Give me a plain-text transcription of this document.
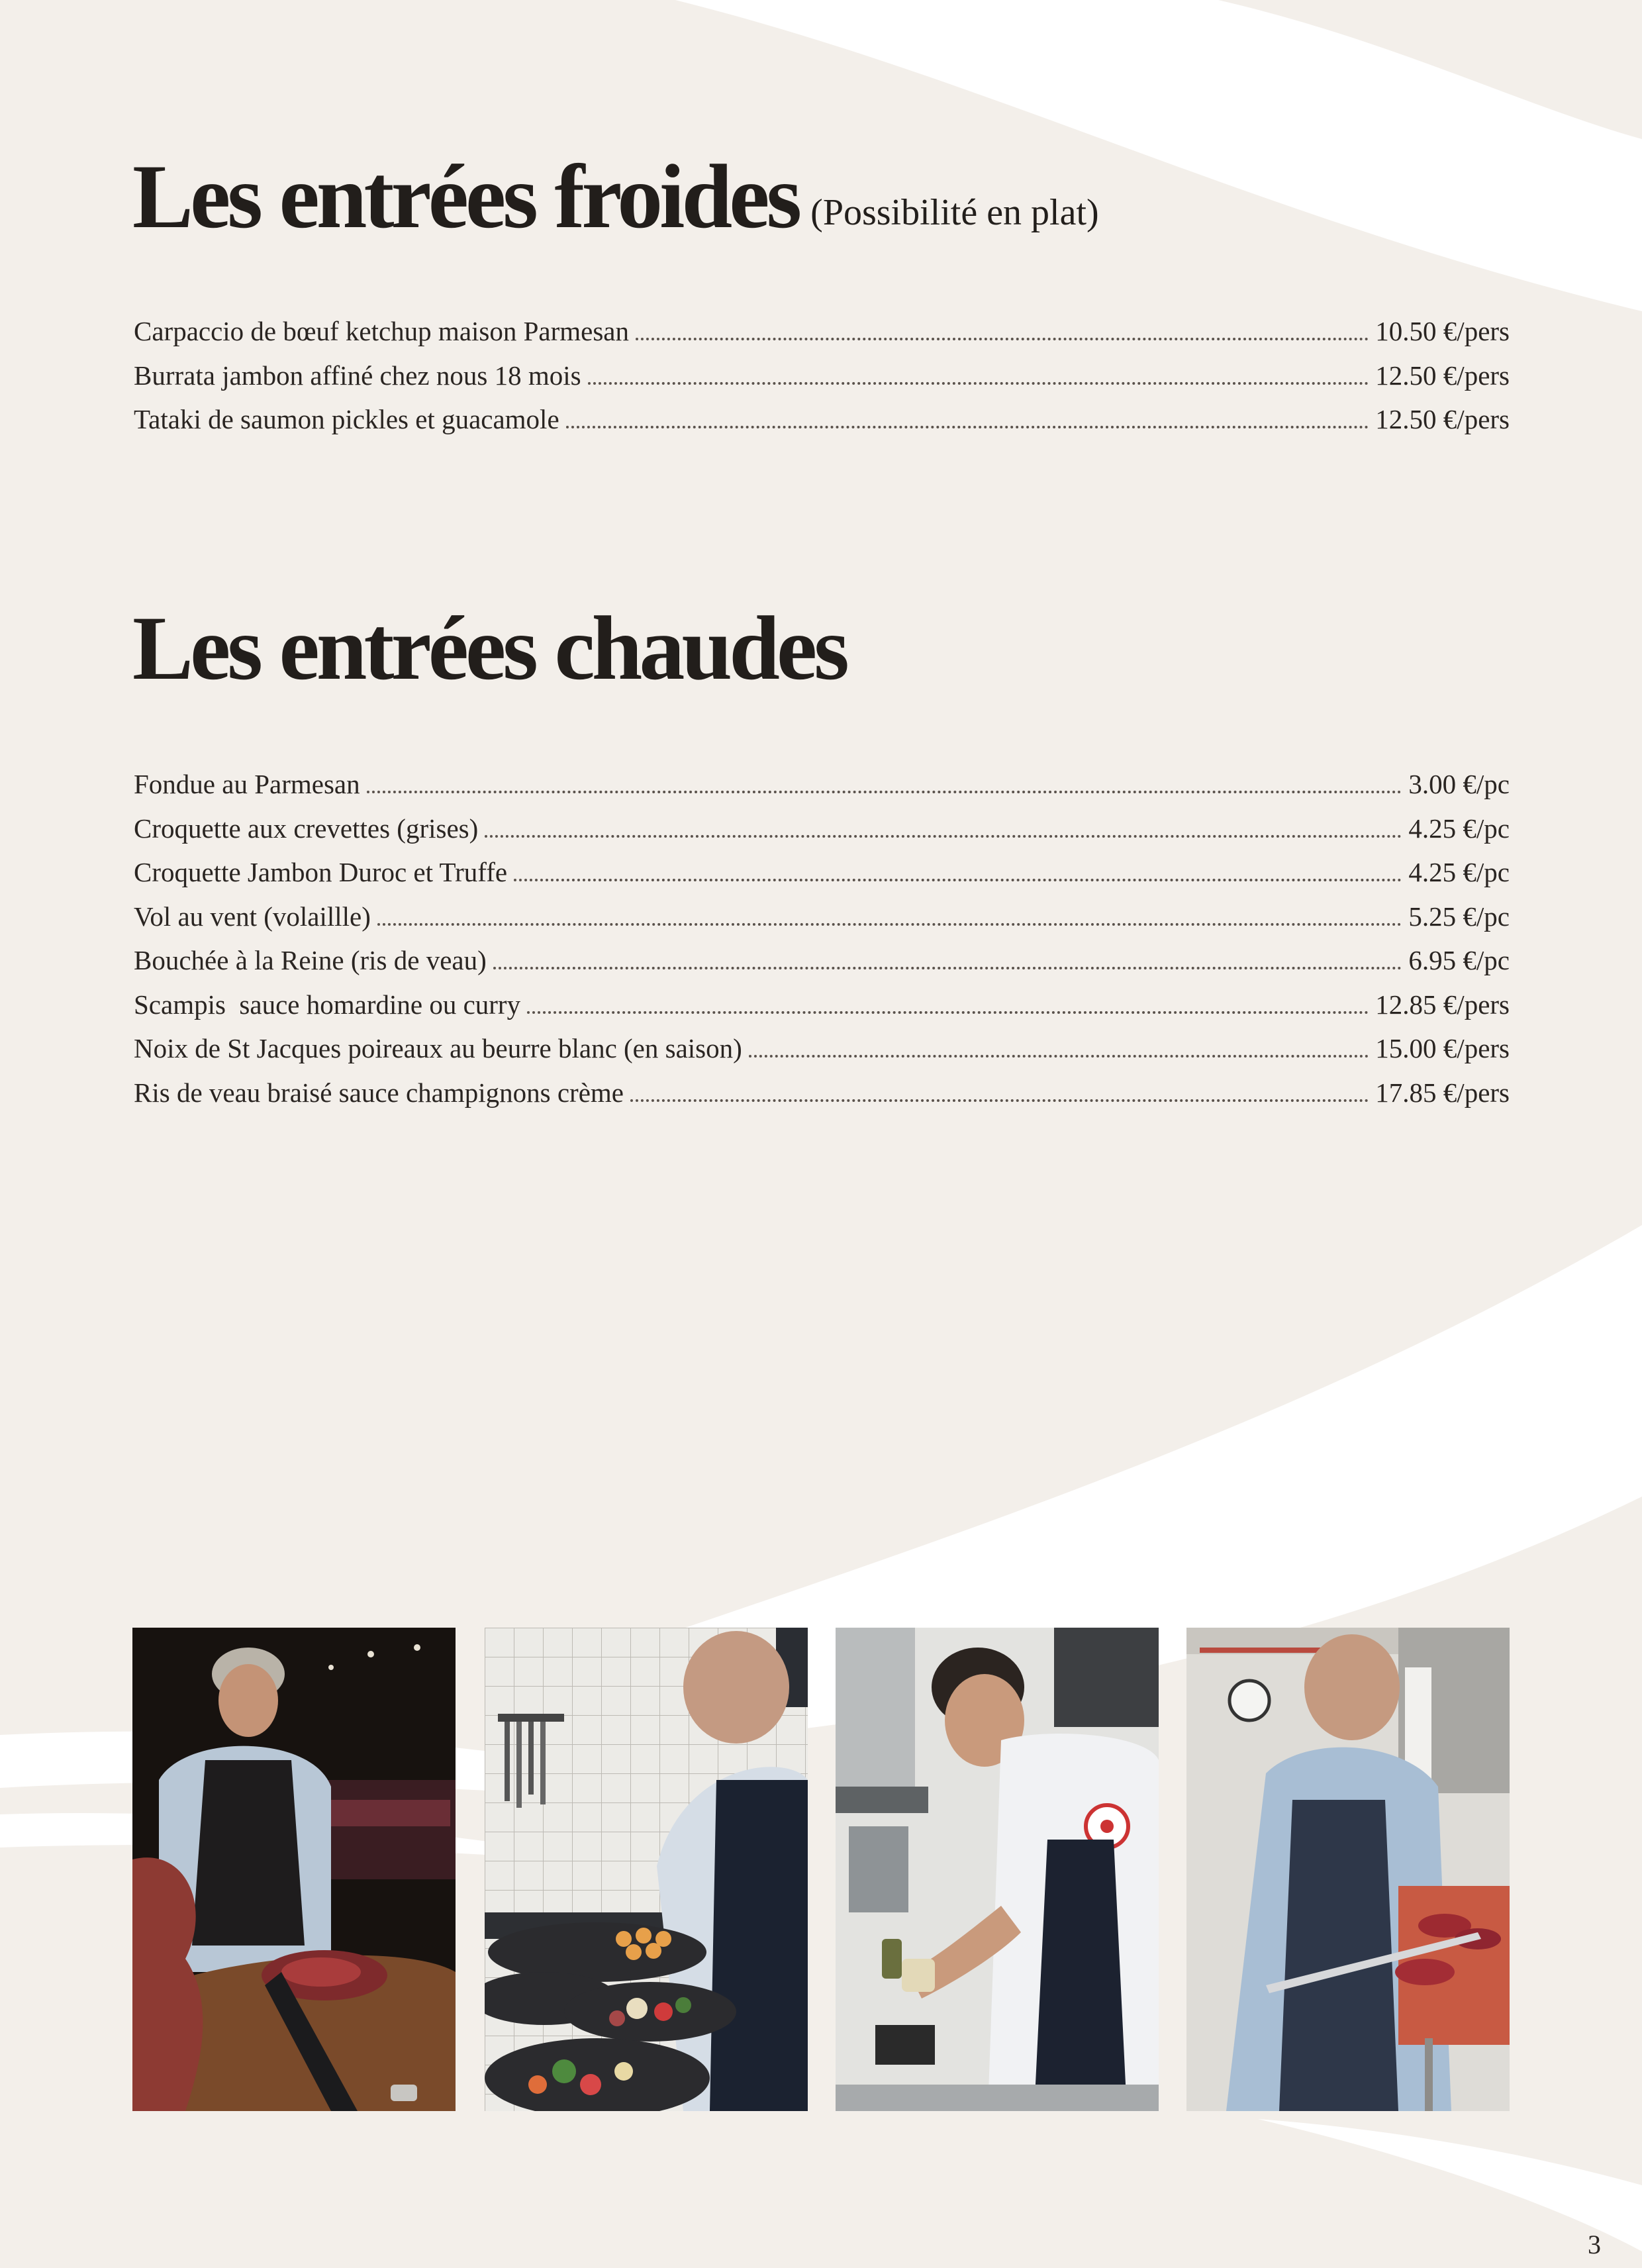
Les entrées froides (Possibilité en plat)
Carpaccio de bœuf ketchup maison Parmesan	10.50 €/pers
Burrata jambon affiné chez nous 18 mois	12.50 €/pers
Tataki de saumon pickles et guacamole	12.50 €/pers
Les entrées chaudes
Fondue au Parmesan	3.00 €/pc
Croquette aux crevettes (grises)	4.25 €/pc
Croquette Jambon Duroc et Truffe	4.25 €/pc
Vol au vent (volaillle)	5.25 €/pc
Bouchée à la Reine (ris de veau)	6.95 €/pc
Scampis  sauce homardine ou curry	12.85 €/pers
Noix de St Jacques poireaux au beurre blanc (en saison)	15.00 €/pers
Ris de veau braisé sauce champignons crème	17.85 €/pers
3
